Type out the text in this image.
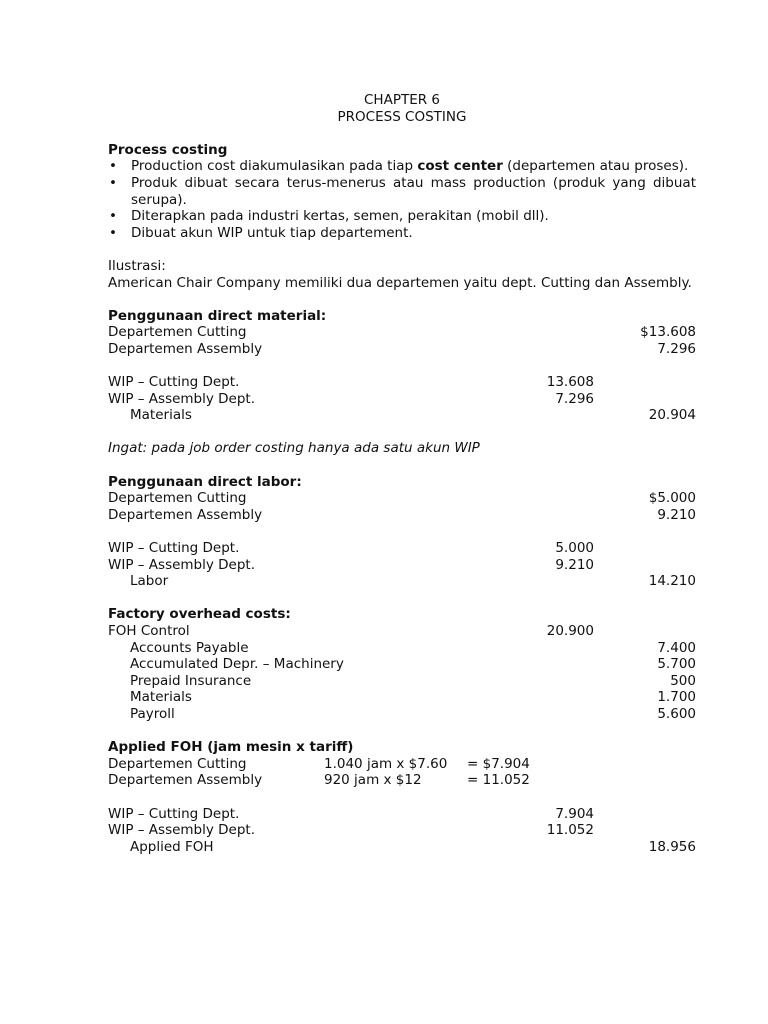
CHAPTER 6
PROCESS COSTING
Process costing
• Production cost diakumulasikan pada tiap cost center (departemen atau proses).
• Produk dibuat secara terus-menerus atau mass production (produk yang dibuat serupa).
• Diterapkan pada industri kertas, semen, perakitan (mobil dll).
• Dibuat akun WIP untuk tiap departement.
Ilustrasi:
American Chair Company memiliki dua departemen yaitu dept. Cutting dan Assembly.
Penggunaan direct material:
Departemen Cutting	$13.608
Departemen Assembly	7.296
WIP – Cutting Dept.	13.608
WIP – Assembly Dept.	7.296
Materials	20.904
Ingat: pada job order costing hanya ada satu akun WIP
Penggunaan direct labor:
Departemen Cutting	$5.000
Departemen Assembly	9.210
WIP – Cutting Dept.	5.000
WIP – Assembly Dept.	9.210
Labor	14.210
Factory overhead costs:
FOH Control	20.900
Accounts Payable	7.400
Accumulated Depr. – Machinery	5.700
Prepaid Insurance	500
Materials	1.700
Payroll	5.600
Applied FOH (jam mesin x tariff)
Departemen Cutting	1.040 jam x $7.60 = $7.904
Departemen Assembly	920 jam x $12	= 11.052
WIP – Cutting Dept.	7.904
WIP – Assembly Dept.	11.052
Applied FOH	18.956
